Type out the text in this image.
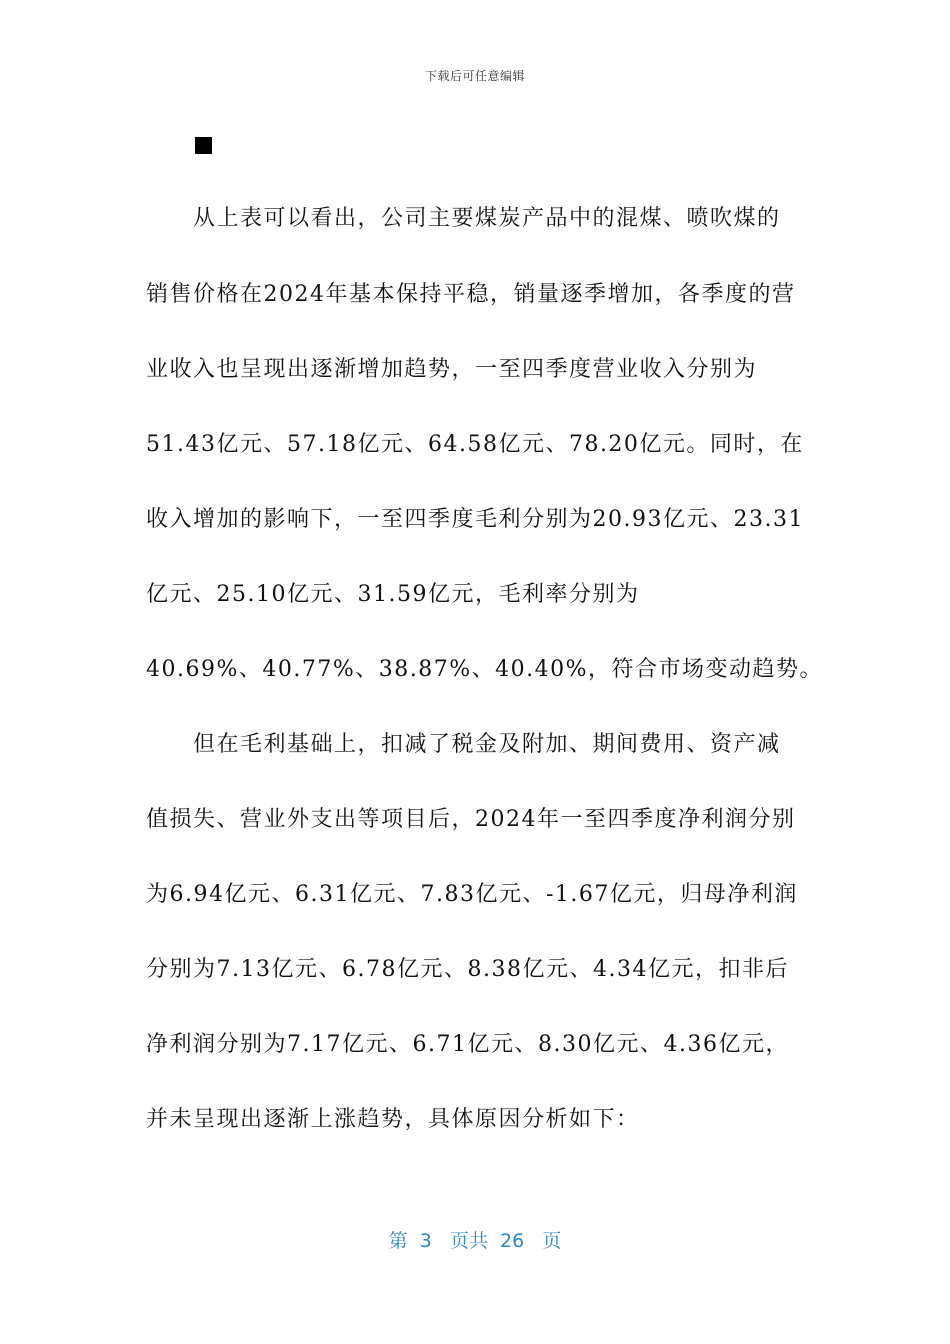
下载后可任意编辑
从上表可以看出，公司主要煤炭产品中的混煤、喷吹煤的
销售价格在2024年基本保持平稳，销量逐季增加，各季度的营
业收入也呈现出逐渐增加趋势，一至四季度营业收入分别为
51.43亿元、57.18亿元、64.58亿元、78.20亿元。同时，在
收入增加的影响下，一至四季度毛利分别为20.93亿元、23.31
亿元、25.10亿元、31.59亿元，毛利率分别为
40.69%、40.77%、38.87%、40.40%，符合市场变动趋势。
但在毛利基础上，扣减了税金及附加、期间费用、资产减
值损失、营业外支出等项目后，2024年一至四季度净利润分别
为6.94亿元、6.31亿元、7.83亿元、-1.67亿元，归母净利润
分别为7.13亿元、6.78亿元、8.38亿元、4.34亿元，扣非后
净利润分别为7.17亿元、6.71亿元、8.30亿元、4.36亿元，
并未呈现出逐渐上涨趋势，具体原因分析如下：
第  3   页共  26   页
